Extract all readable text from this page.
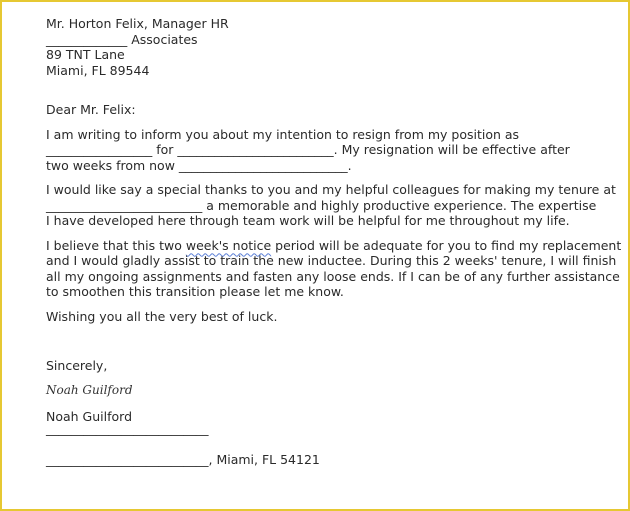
Mr. Horton Felix, Manager HR
_____________ Associates
89 TNT Lane
Miami, FL 89544
Dear Mr. Felix:
I am writing to inform you about my intention to resign from my position as
_________________ for _________________________. My resignation will be effective after
two weeks from now ___________________________.
I would like say a special thanks to you and my helpful colleagues for making my tenure at
_________________________ a memorable and highly productive experience. The expertise
I have developed here through team work will be helpful for me throughout my life.
I believe that this two week's notice period will be adequate for you to find my replacement
and I would gladly assist to train the new inductee. During this 2 weeks' tenure, I will finish
all my ongoing assignments and fasten any loose ends. If I can be of any further assistance
to smoothen this transition please let me know.
Wishing you all the very best of luck.
Sincerely,
Noah Guilford
Noah Guilford
__________________________
__________________________, Miami, FL 54121
